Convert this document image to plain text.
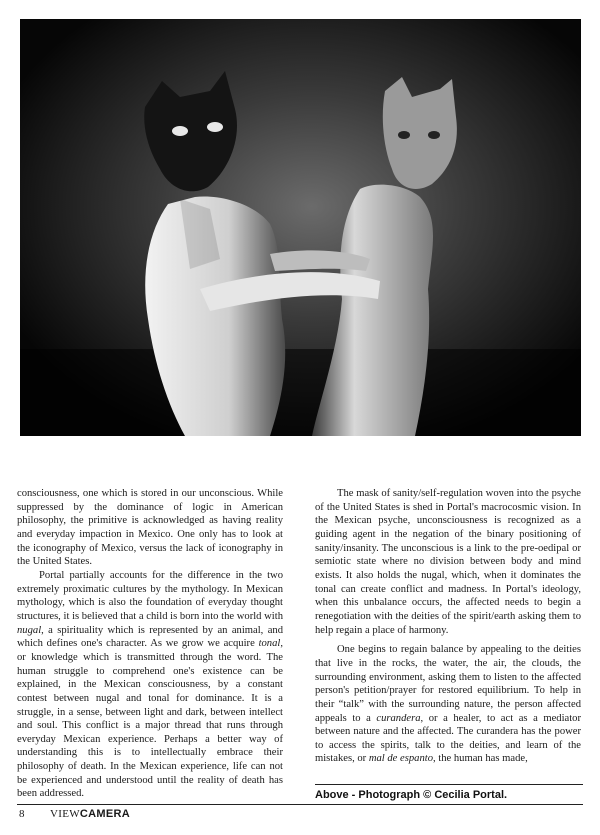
consciousness, one which is stored in our unconscious. While suppressed by the dominance of logic in American philosophy, the primitive is acknowledged as having reality and everyday impaction in Mexico. One only has to look at the iconography of Mexico, versus the lack of iconography in the United States.

Portal partially accounts for the difference in the two extremely proximatic cultures by the mythology. In Mexican mythology, which is also the foundation of everyday thought structures, it is believed that a child is born into the world with nugal, a spirituality which is represented by an animal, and which defines one's character. As we grow we acquire tonal, or knowledge which is transmitted through the word. The human struggle to comprehend one's existence can be explained, in the Mexican consciousness, by a constant contest between nugal and tonal for dominance. It is a struggle, in a sense, between light and dark, between intellect and soul. This conflict is a major thread that runs through everyday Mexican experience. Perhaps a better way of understanding this is to intellectually embrace their philosophy of death. In the Mexican experience, life can not be experienced and understood until the reality of death has been addressed.

The mask of sanity/self-regulation woven into the psyche of the United States is shed in Portal's macrocosmic vision. In the Mexican psyche, unconsciousness is recognized as a guiding agent in the negation of the binary positioning of sanity/insanity. The unconscious is a link to the pre-oedipal or semiotic state where no division between body and mind exists. It also holds the nugal, which, when it dominates the tonal can create conflict and madness. In Portal's ideology, when this unbalance occurs, the affected needs to begin a renegotiation with the deities of the spirit/earth asking them to help regain a place of harmony.

One begins to regain balance by appealing to the deities that live in the rocks, the water, the air, the clouds, the surrounding environment, asking them to listen to the affected person's petition/prayer for restored equilibrium. To help in their “talk” with the surrounding nature, the person affected appeals to a curandera, or a healer, to act as a mediator between nature and the affected. The curandera has the power to access the spirits, talk to the deities, and learn of the mistakes, or mal de espanto, the human has made,

Above - Photograph © Cecilia Portal.
8 VIEWCAMERA
